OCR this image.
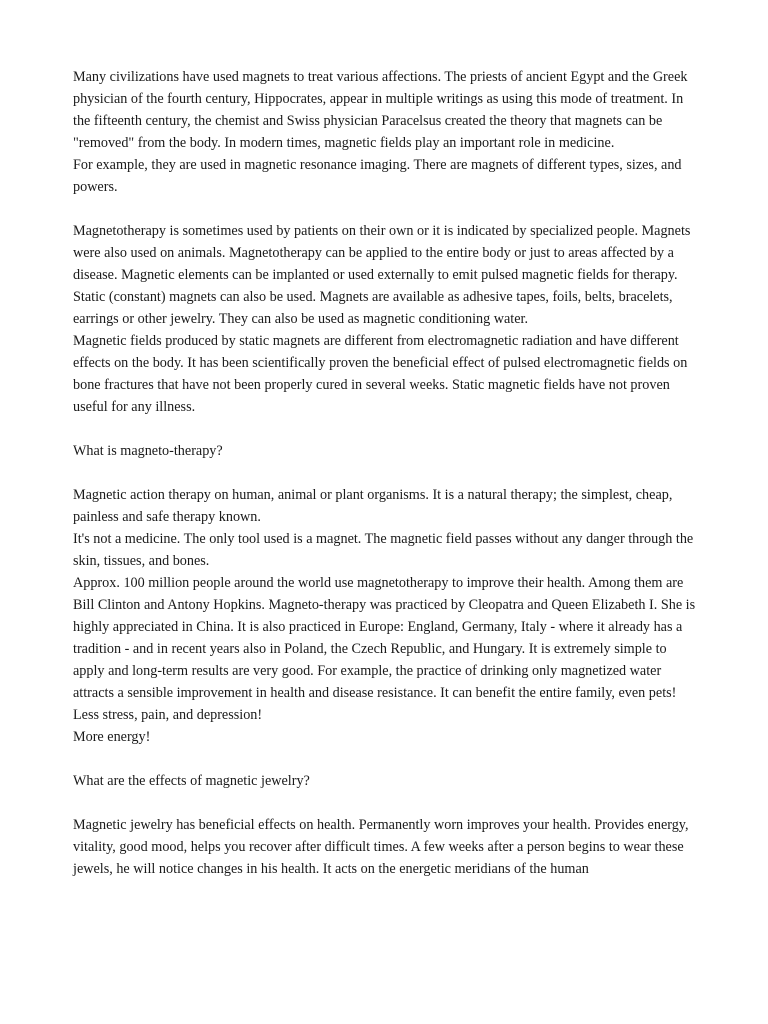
Many civilizations have used magnets to treat various affections. The priests of ancient Egypt and the Greek physician of the fourth century, Hippocrates, appear in multiple writings as using this mode of treatment. In the fifteenth century, the chemist and Swiss physician Paracelsus created the theory that magnets can be "removed" from the body. In modern times, magnetic fields play an important role in medicine.

For example, they are used in magnetic resonance imaging. There are magnets of different types, sizes, and powers.

Magnetotherapy is sometimes used by patients on their own or it is indicated by specialized people. Magnets were also used on animals. Magnetotherapy can be applied to the entire body or just to areas affected by a disease. Magnetic elements can be implanted or used externally to emit pulsed magnetic fields for therapy.

Static (constant) magnets can also be used. Magnets are available as adhesive tapes, foils, belts, bracelets, earrings or other jewelry. They can also be used as magnetic conditioning water.

Magnetic fields produced by static magnets are different from electromagnetic radiation and have different effects on the body. It has been scientifically proven the beneficial effect of pulsed electromagnetic fields on bone fractures that have not been properly cured in several weeks. Static magnetic fields have not proven useful for any illness.

What is magneto-therapy?

Magnetic action therapy on human, animal or plant organisms. It is a natural therapy; the simplest, cheap, painless and safe therapy known.

It's not a medicine. The only tool used is a magnet. The magnetic field passes without any danger through the skin, tissues, and bones.

Approx. 100 million people around the world use magnetotherapy to improve their health. Among them are Bill Clinton and Antony Hopkins. Magneto-therapy was practiced by Cleopatra and Queen Elizabeth I. She is highly appreciated in China. It is also practiced in Europe: England, Germany, Italy - where it already has a tradition - and in recent years also in Poland, the Czech Republic, and Hungary. It is extremely simple to apply and long-term results are very good. For example, the practice of drinking only magnetized water attracts a sensible improvement in health and disease resistance. It can benefit the entire family, even pets!

Less stress, pain, and depression!

More energy!

What are the effects of magnetic jewelry?

Magnetic jewelry has beneficial effects on health. Permanently worn improves your health. Provides energy, vitality, good mood, helps you recover after difficult times. A few weeks after a person begins to wear these jewels, he will notice changes in his health. It acts on the energetic meridians of the human
